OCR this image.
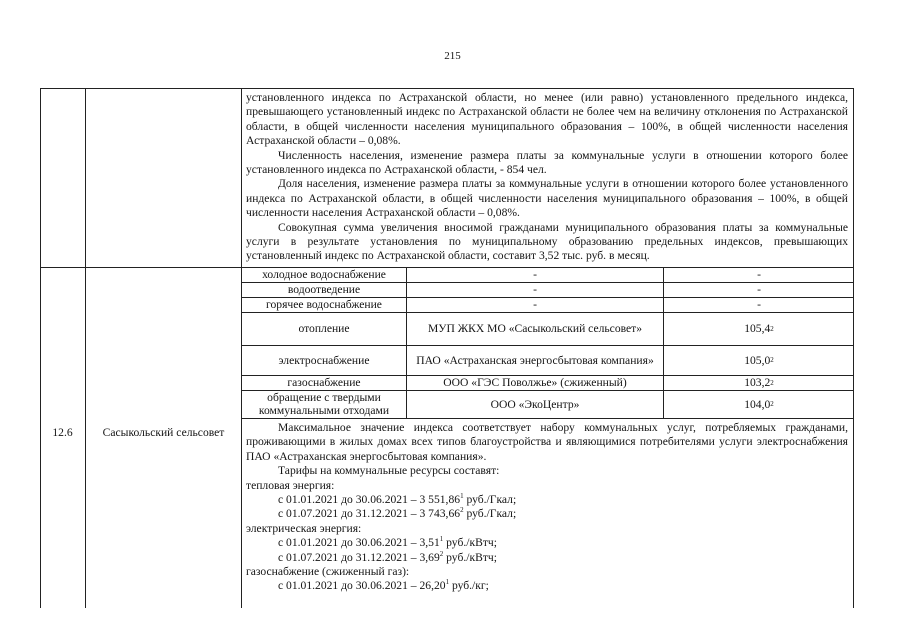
215
установленного индекса по Астраханской области, но менее (или равно) установленного предельного индекса, превышающего установленный индекс по Астраханской области не более чем на величину отклонения по Астраханской области, в общей численности населения муниципального образования – 100%, в общей численности населения Астраханской области – 0,08%.
Численность населения, изменение размера платы за коммунальные услуги в отношении которого более установленного индекса по Астраханской области, - 854 чел.
Доля населения, изменение размера платы за коммунальные услуги в отношении которого более установленного индекса по Астраханской области, в общей численности населения муниципального образования – 100%, в общей численности населения Астраханской области – 0,08%.
Совокупная сумма увеличения вносимой гражданами муниципального образования платы за коммунальные услуги в результате установления по муниципальному образованию предельных индексов, превышающих установленный индекс по Астраханской области, составит 3,52 тыс. руб. в месяц.
12.6	Сасыкольский сельсовет
холодное водоснабжение	-	-
водоотведение	-	-
горячее водоснабжение	-	-
отопление	МУП ЖКХ МО «Сасыкольский сельсовет»	105,4 2
электроснабжение	ПАО «Астраханская энергосбытовая компания»	105,0 2
газоснабжение	ООО «ГЭС Поволжье» (сжиженный)	103,2 2
обращение с твердыми коммунальными отходами	ООО «ЭкоЦентр»	104,0 2
Максимальное значение индекса соответствует набору коммунальных услуг, потребляемых гражданами, проживающими в жилых домах всех типов благоустройства и являющимися потребителями услуги электроснабжения ПАО «Астраханская энергосбытовая компания».
Тарифы на коммунальные ресурсы составят:
тепловая энергия:
с 01.01.2021 до 30.06.2021 – 3 551,86$^1$ руб./Гкал;
с 01.07.2021 до 31.12.2021 – 3 743,66$^2$ руб./Гкал;
электрическая энергия:
с 01.01.2021 до 30.06.2021 – 3,51$^1$ руб./кВтч;
с 01.07.2021 до 31.12.2021 – 3,69$^2$ руб./кВтч;
газоснабжение (сжиженный газ):
с 01.01.2021 до 30.06.2021 – 26,20$^1$ руб./кг;
